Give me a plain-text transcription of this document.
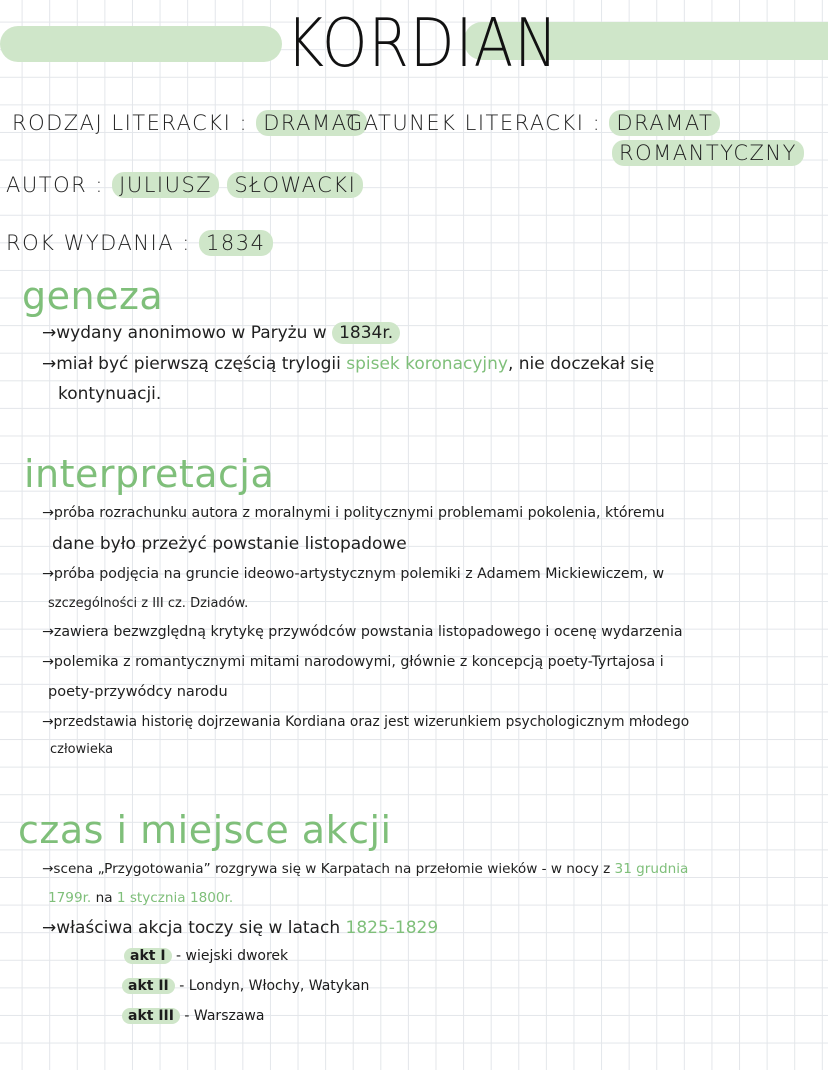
KORDIAN
RODZAJ LITERACKI : DRAMAT
GATUNEK LITERACKI : DRAMAT
ROMANTYCZNY
AUTOR : JULIUSZ SŁOWACKI
ROK WYDANIA : 1834
geneza
→wydany anonimowo w Paryżu w 1834r.
→miał być pierwszą częścią trylogii spisek koronacyjny, nie doczekał się
kontynuacji.
interpretacja
→próba rozrachunku autora z moralnymi i politycznymi problemami pokolenia, któremu
dane było przeżyć powstanie listopadowe
→próba podjęcia na gruncie ideowo-artystycznym polemiki z Adamem Mickiewiczem, w
szczególności z III cz. Dziadów.
→zawiera bezwzględną krytykę przywódców powstania listopadowego i ocenę wydarzenia
→polemika z romantycznymi mitami narodowymi, głównie z koncepcją poety-Tyrtajosa i
poety-przywódcy narodu
→przedstawia historię dojrzewania Kordiana oraz jest wizerunkiem psychologicznym młodego
człowieka
czas i miejsce akcji
→scena „Przygotowania” rozgrywa się w Karpatach na przełomie wieków - w nocy z 31 grudnia
1799r. na 1 stycznia 1800r.
→właściwa akcja toczy się w latach 1825-1829
akt I - wiejski dworek
akt II - Londyn, Włochy, Watykan
akt III - Warszawa
